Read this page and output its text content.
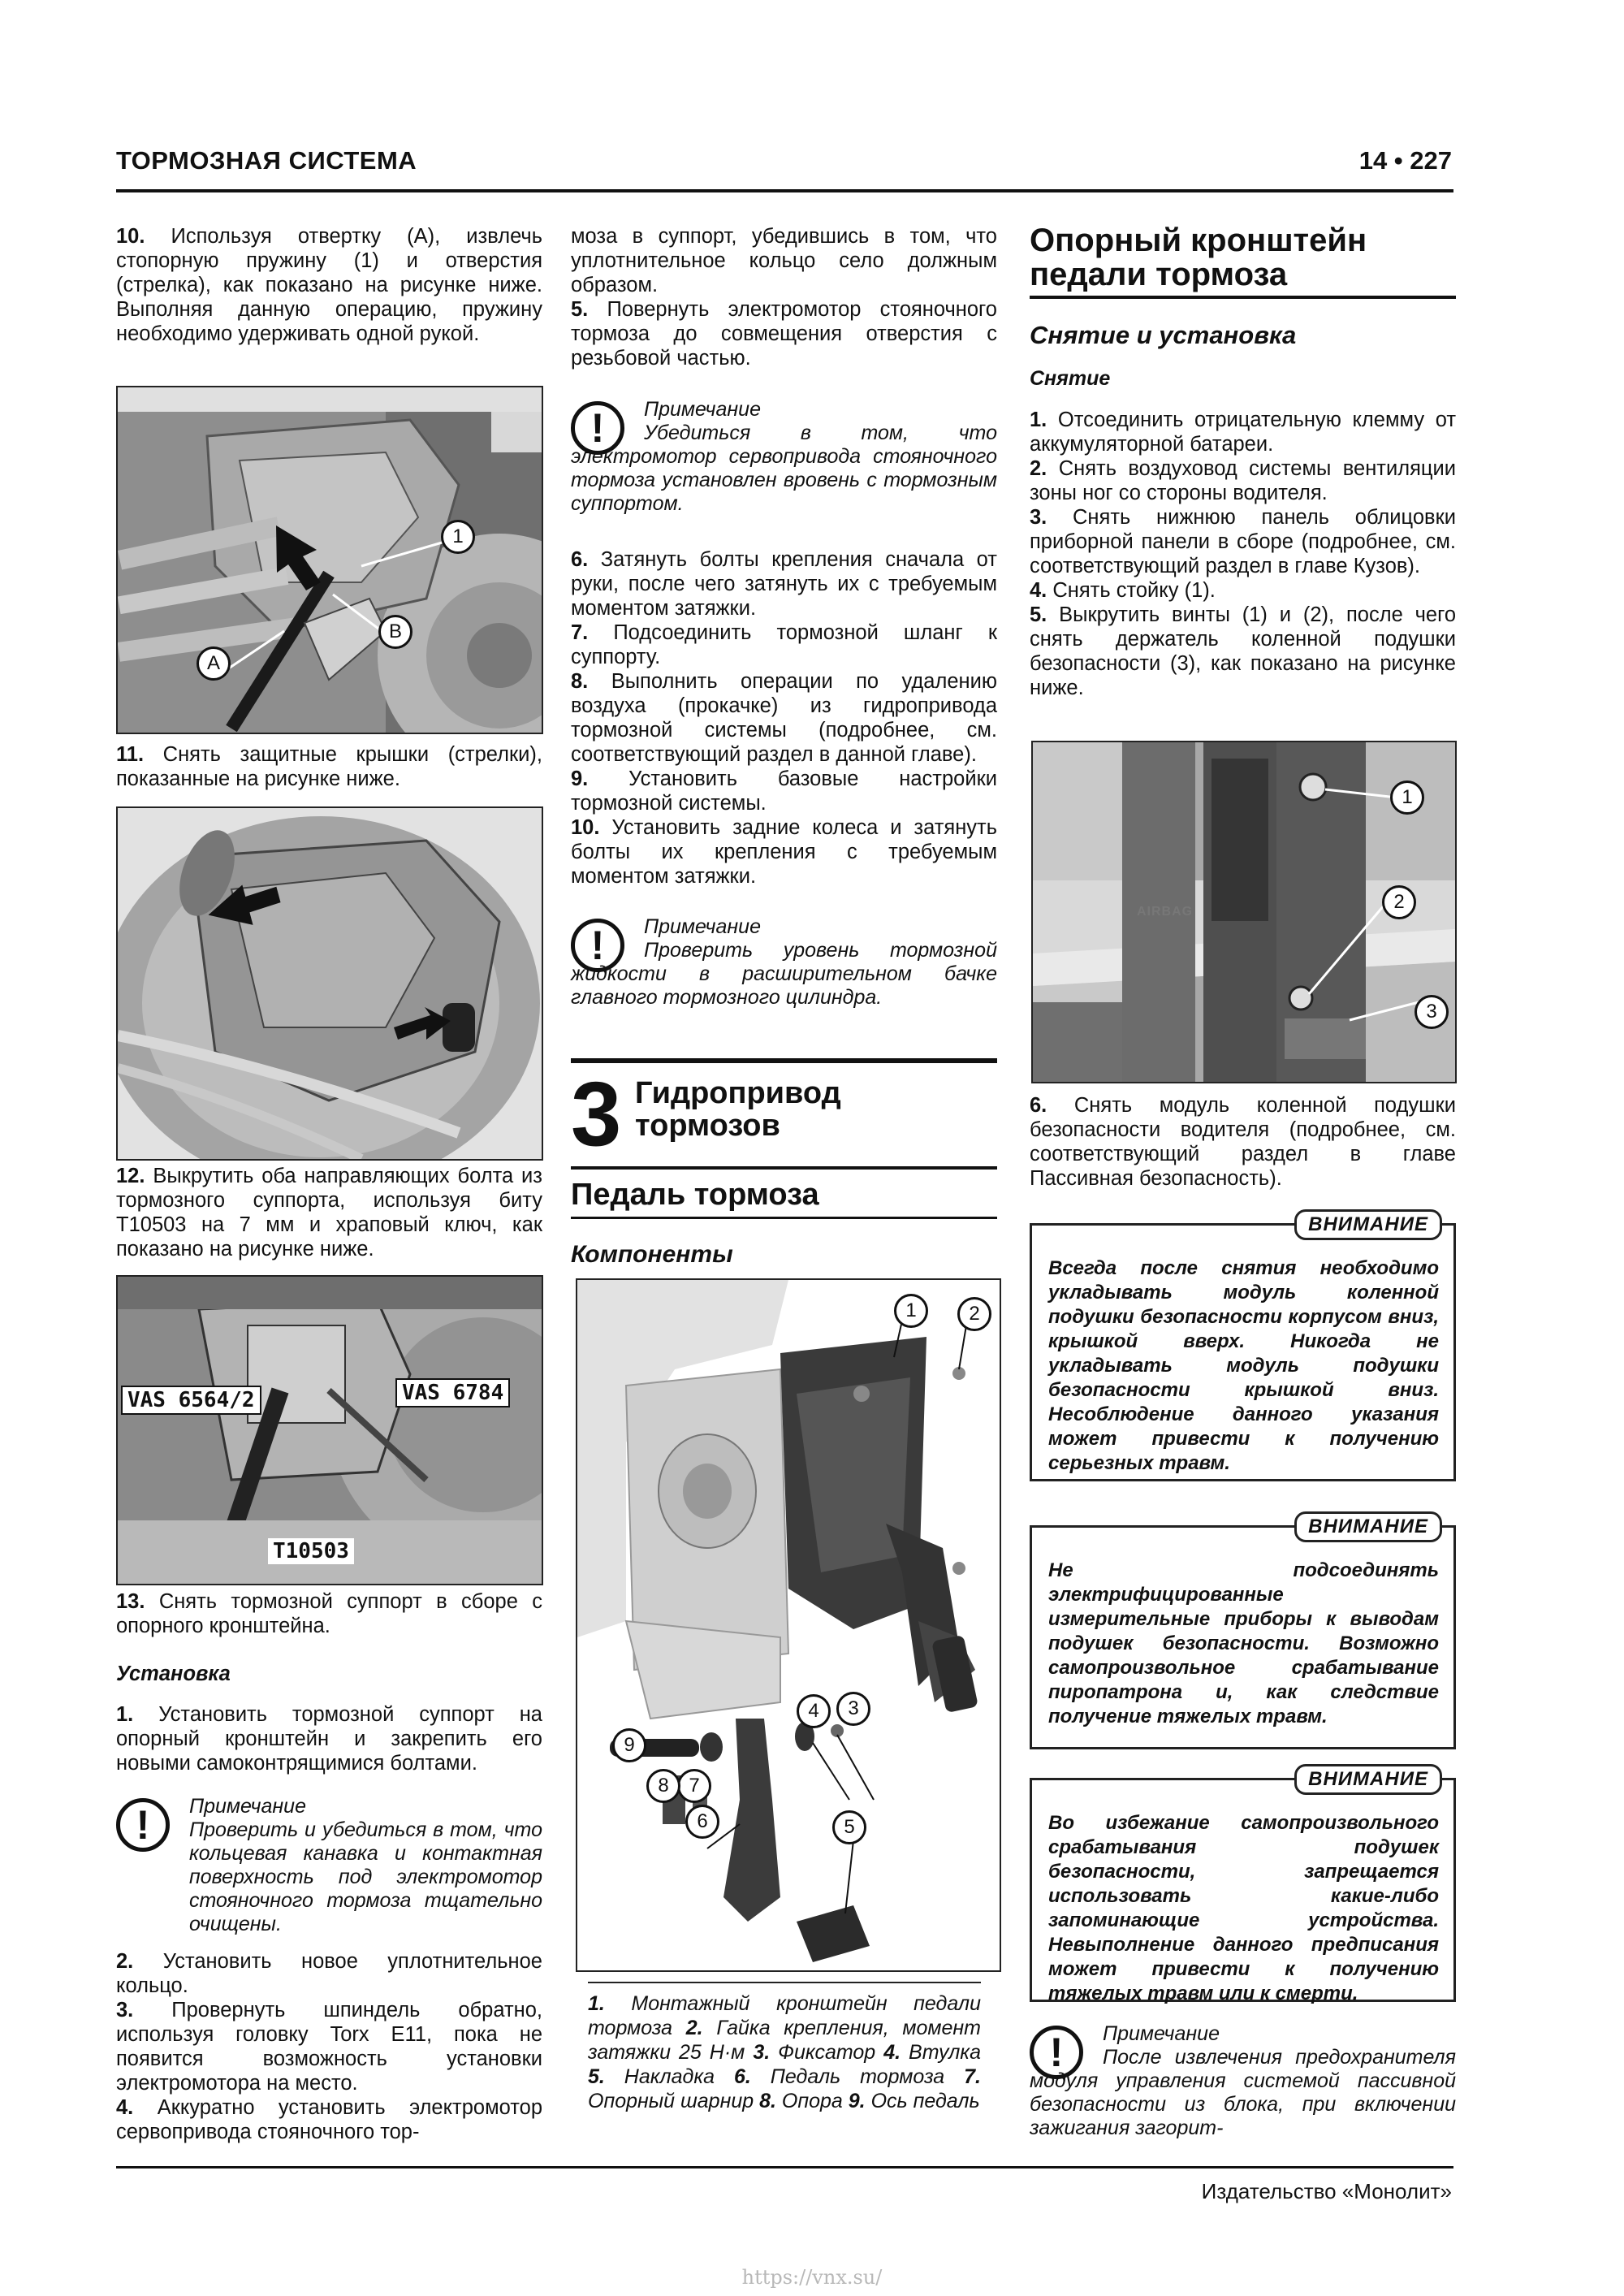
ТОРМОЗНАЯ СИСТЕМА	14 • 227

10. Используя отвертку (A), извлечь стопорную пружину (1) и отверстия (стрелка), как показано на рисунке ниже. Выполняя данную операцию, пружину необходимо удерживать одной рукой.

1
B
A

11. Снять защитные крышки (стрелки), показанные на рисунке ниже.

12. Выкрутить оба направляющих болта из тормозного суппорта, используя биту T10503 на 7 мм и храповый ключ, как показано на рисунке ниже.

VAS 6564/2	VAS 6784
T10503

13. Снять тормозной суппорт в сборе с опорного кронштейна.

Установка

1. Установить тормозной суппорт на опорный кронштейн и закрепить его новыми самоконтрящимися болтами.

!	Примечание
Проверить и убедиться в том, что кольцевая канавка и контактная поверхность под электромотор стояночного тормоза тщательно очищены.

2. Установить новое уплотнительное кольцо.

3. Провернуть шпиндель обратно, используя головку Torx E11, пока не появится возможность установки электромотора на место.

4. Аккуратно установить электромотор сервопривода стояночного тор-

моза в суппорт, убедившись в том, что уплотнительное кольцо село должным образом.

5. Повернуть электромотор стояночного тормоза до совмещения отверстия с резьбовой частью.

!	Примечание
Убедиться в том, что электромотор сервопривода стояночного тормоза установлен вровень с тормозным суппортом.

6. Затянуть болты крепления сначала от руки, после чего затянуть их с требуемым моментом затяжки.

7. Подсоединить тормозной шланг к суппорту.

8. Выполнить операции по удалению воздуха (прокачке) из гидропривода тормозной системы (подробнее, см. соответствующий раздел в данной главе).

9. Установить базовые настройки тормозной системы.

10. Установить задние колеса и затянуть болты их крепления с требуемым моментом затяжки.

!	Примечание
Проверить уровень тормозной жидкости в расширительном бачке главного тормозного цилиндра.
3 Гидропривод
тормозов
Педаль тормоза
Компоненты
1	2
3
4
5
6
7
8
9
1. Монтажный кронштейн педали тормоза 2. Гайка крепления, момент затяжки 25 Н·м 3. Фиксатор 4. Втулка 5. Накладка 6. Педаль тормоза 7. Опорный шарнир 8. Опора 9. Ось педаль
Опорный кронштейн
педали тормоза
Снятие и установка
Снятие

1. Отсоединить отрицательную клемму от аккумуляторной батареи.

2. Снять воздуховод системы вентиляции зоны ног со стороны водителя.

3. Снять нижнюю панель облицовки приборной панели в сборе (подробнее, см. соответствующий раздел в главе Кузов).

4. Снять стойку (1).

5. Выкрутить винты (1) и (2), после чего снять держатель коленной подушки безопасности (3), как показано на рисунке ниже.

AIRBAG
1
2
3

6. Снять модуль коленной подушки безопасности водителя (подробнее, см. соответствующий раздел в главе Пассивная безопасность).

ВНИМАНИЕ
Всегда после снятия необходимо укладывать модуль коленной подушки безопасности корпусом вниз, крышкой вверх. Никогда не укладывать модуль подушки безопасности крышкой вниз. Несоблюдение данного указания может привести к получению серьезных травм.
ВНИМАНИЕ
Не подсоединять электрифицированные измерительные приборы к выводам подушек безопасности. Возможно самопроизвольное срабатывание пиропатрона и, как следствие получение тяжелых травм.
ВНИМАНИЕ
Во избежание самопроизвольного срабатывания подушек безопасности, запрещается использовать какие-либо запоминающие устройства. Невыполнение данного предписания может привести к получению тяжелых травм или к смерти.
!	Примечание
После извлечения предохранителя модуля управления системой пассивной безопасности из блока, при включении зажигания загорит-
Издательство «Монолит»
https://vnx.su/
